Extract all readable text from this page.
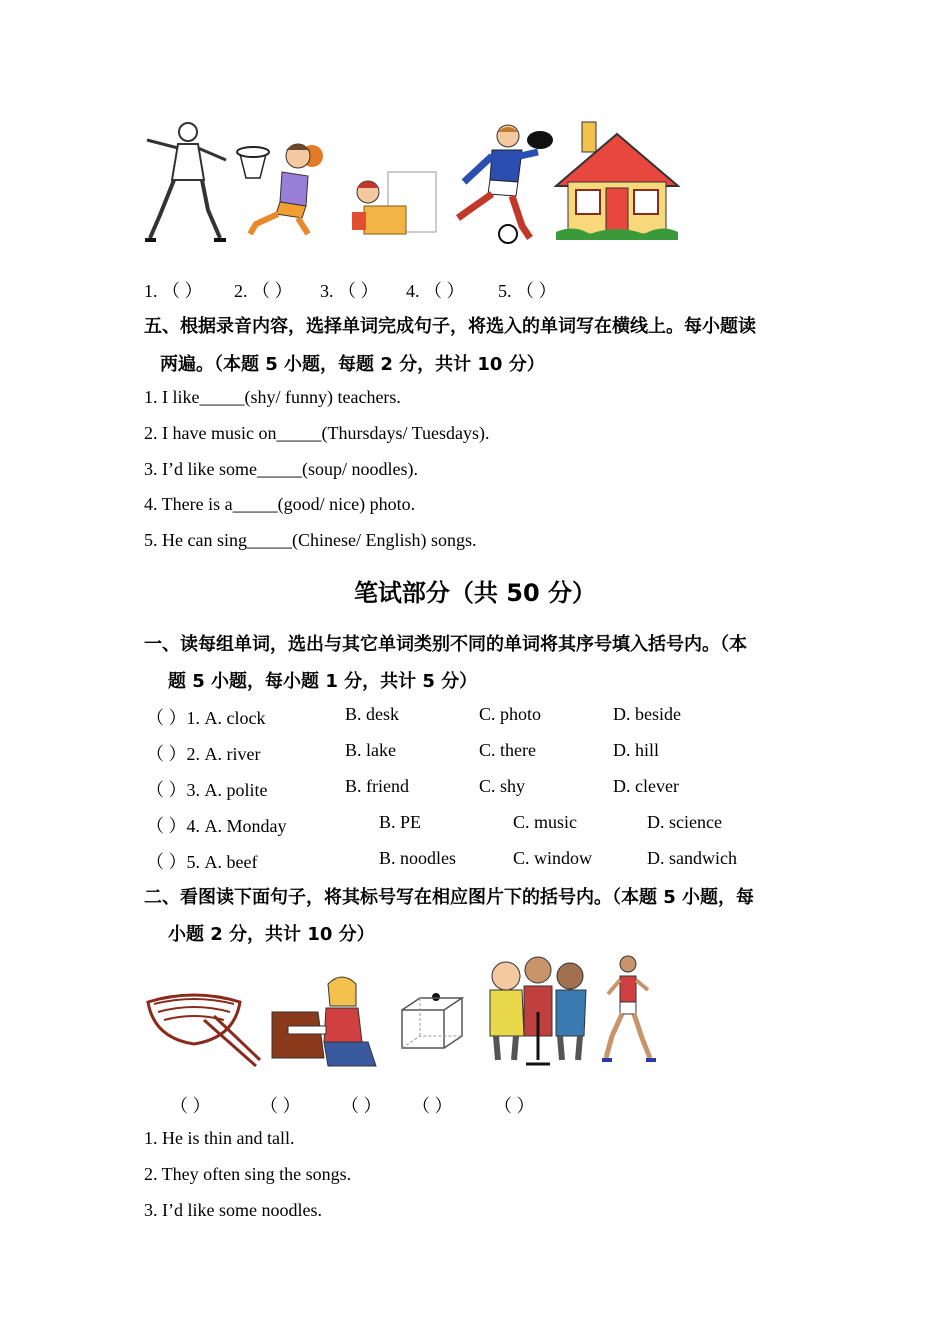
1. （ ） 2. （ ） 3. （ ） 4. （ ） 5. （ ）
五、根据录音内容，选择单词完成句子，将选入的单词写在横线上。每小题读
两遍。（本题 5 小题，每题 2 分，共计 10 分）
1. I like_____(shy/ funny) teachers.
2. I have music on_____(Thursdays/ Tuesdays).
3. I’d like some_____(soup/ noodles).
4. There is a_____(good/ nice) photo.
5. He can sing_____(Chinese/ English) songs.
笔试部分（共 50 分）
一、读每组单词，选出与其它单词类别不同的单词将其序号填入括号内。（本
题 5 小题，每小题 1 分，共计 5 分）
（ ）1. A. clock	B. desk	C. photo	D. beside
（ ）2. A. river	B. lake	C. there	D. hill
（ ）3. A. polite	B. friend	C. shy	D. clever
（ ）4. A. Monday	B. PE	C. music	D. science
（ ）5. A. beef	B. noodles	C. window	D. sandwich
二、看图读下面句子，将其标号写在相应图片下的括号内。（本题 5 小题，每
小题 2 分，共计 10 分）
（ ）	（ ） （ ） （ ） （ ）
1. He is thin and tall.
2. They often sing the songs.
3. I’d like some noodles.
